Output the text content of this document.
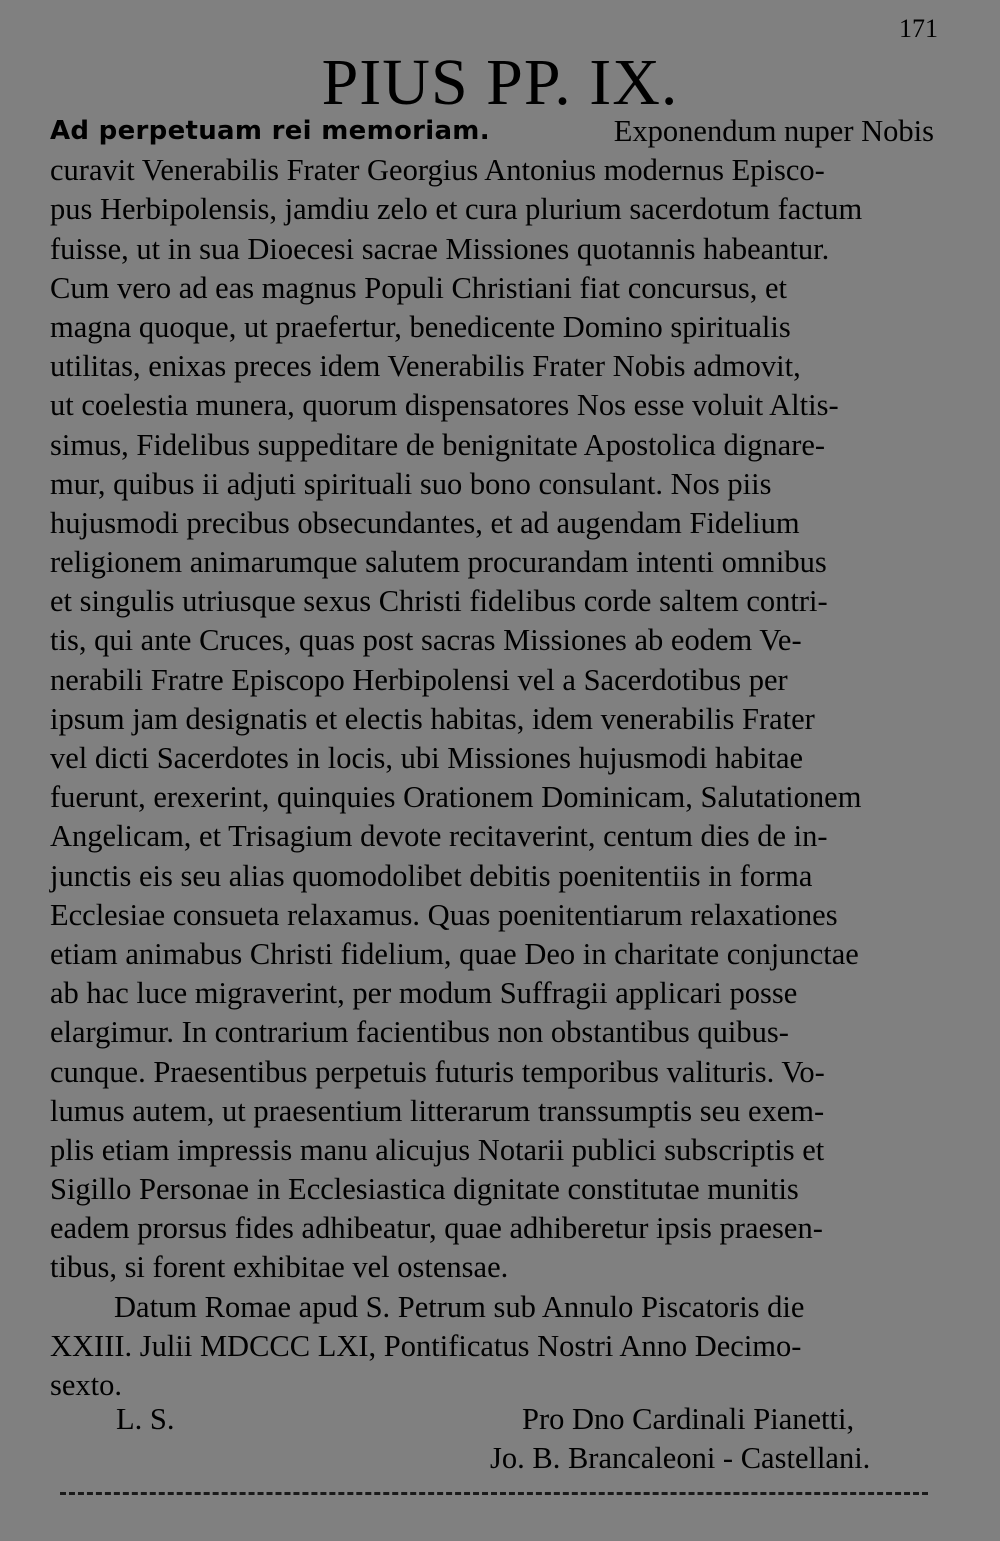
171
PIUS PP. IX.
Ad perpetuam rei memoriam.	Exponendum nuper Nobis
curavit Venerabilis Frater Georgius Antonius modernus Episco-
pus Herbipolensis, jamdiu zelo et cura plurium sacerdotum factum
fuisse, ut in sua Dioecesi sacrae Missiones quotannis habeantur.
Cum vero ad eas magnus Populi Christiani fiat concursus, et
magna quoque, ut praefertur, benedicente Domino spiritualis
utilitas, enixas preces idem Venerabilis Frater Nobis admovit,
ut coelestia munera, quorum dispensatores Nos esse voluit Altis-
simus, Fidelibus suppeditare de benignitate Apostolica dignare-
mur, quibus ii adjuti spirituali suo bono consulant. Nos piis
hujusmodi precibus obsecundantes, et ad augendam Fidelium
religionem animarumque salutem procurandam intenti omnibus
et singulis utriusque sexus Christi fidelibus corde saltem contri-
tis, qui ante Cruces, quas post sacras Missiones ab eodem Ve-
nerabili Fratre Episcopo Herbipolensi vel a Sacerdotibus per
ipsum jam designatis et electis habitas, idem venerabilis Frater
vel dicti Sacerdotes in locis, ubi Missiones hujusmodi habitae
fuerunt, erexerint, quinquies Orationem Dominicam, Salutationem
Angelicam, et Trisagium devote recitaverint, centum dies de in-
junctis eis seu alias quomodolibet debitis poenitentiis in forma
Ecclesiae consueta relaxamus. Quas poenitentiarum relaxationes
etiam animabus Christi fidelium, quae Deo in charitate conjunctae
ab hac luce migraverint, per modum Suffragii applicari posse
elargimur. In contrarium facientibus non obstantibus quibus-
cunque. Praesentibus perpetuis futuris temporibus valituris. Vo-
lumus autem, ut praesentium litterarum transsumptis seu exem-
plis etiam impressis manu alicujus Notarii publici subscriptis et
Sigillo Personae in Ecclesiastica dignitate constitutae munitis
eadem prorsus fides adhibeatur, quae adhiberetur ipsis praesen-
tibus, si forent exhibitae vel ostensae.
Datum Romae apud S. Petrum sub Annulo Piscatoris die
XXIII. Julii MDCCC LXI, Pontificatus Nostri Anno Decimo-
sexto.
L. S.	Pro Dno Cardinali Pianetti,
Jo. B. Brancaleoni - Castellani.
